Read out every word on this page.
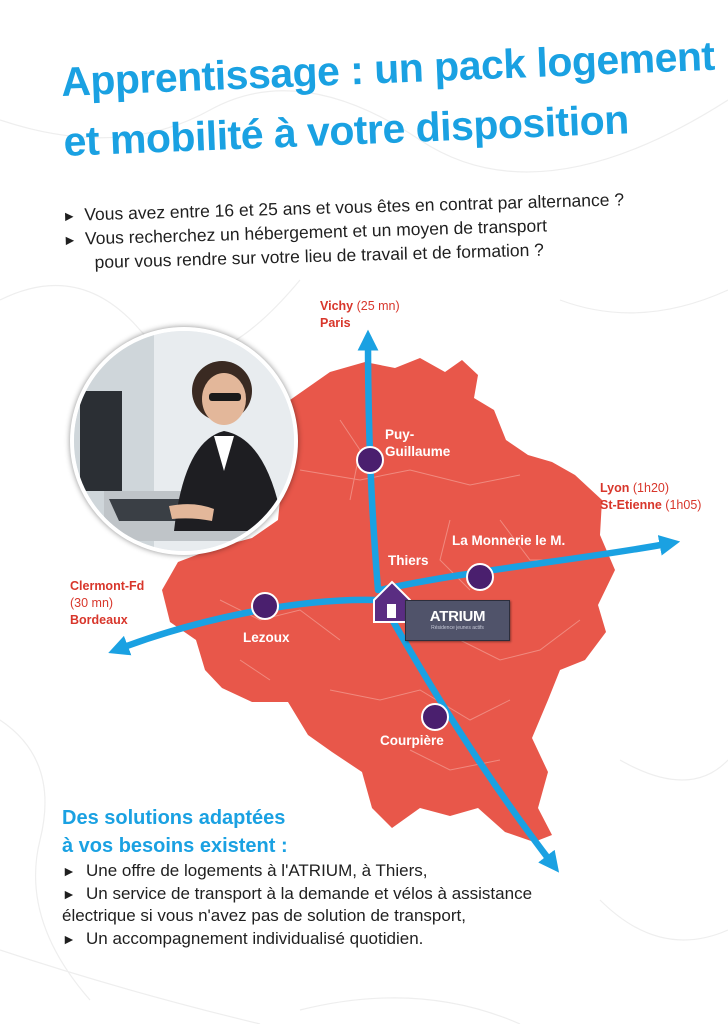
Apprentissage : un pack logement
et mobilité à votre disposition
► Vous avez entre 16 et 25 ans et vous êtes en contrat par alternance ?
► Vous recherchez un hébergement et un moyen de transport
pour vous rendre sur votre lieu de travail et de formation ?
Vichy (25 mn)
Paris
Lyon (1h20)
St-Etienne (1h05)
Clermont-Fd
(30 mn)
Bordeaux
Puy-
Guillaume
La Monnerie le M.
Thiers
Lezoux
Courpière
ATRIUM
Résidence jeunes actifs
Des solutions adaptées
à vos besoins existent :
► Une offre de logements à l'ATRIUM, à Thiers,
► Un service de transport à la demande et vélos à assistance
électrique si vous n'avez pas de solution de transport,
► Un accompagnement individualisé quotidien.
